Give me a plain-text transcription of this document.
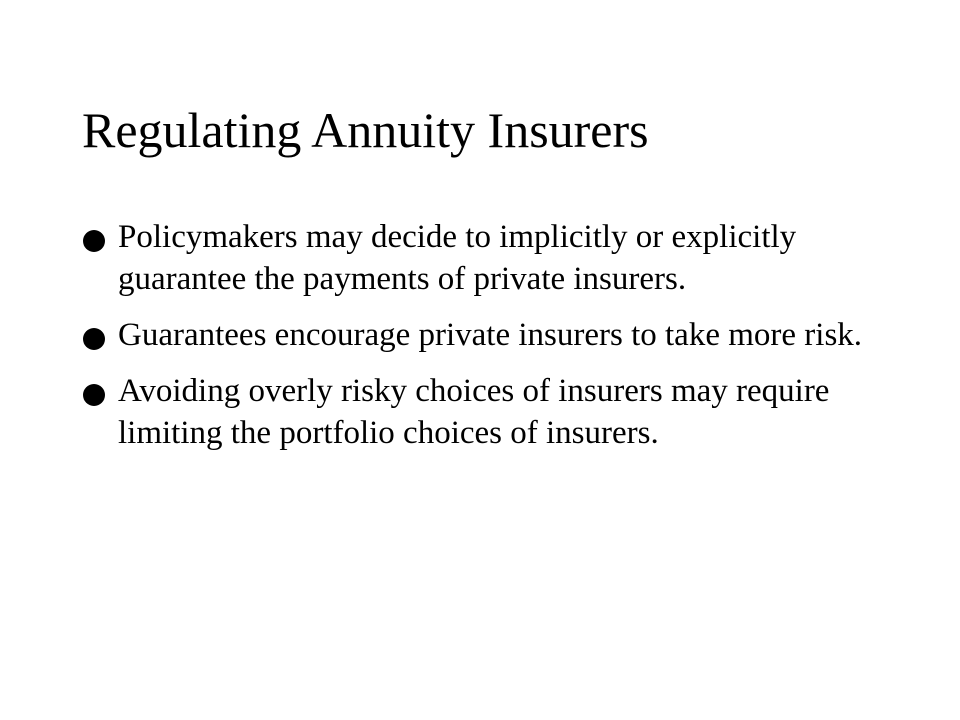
Regulating Annuity Insurers
Policymakers may decide to implicitly or explicitly guarantee the payments of private insurers.
Guarantees encourage private insurers to take more risk.
Avoiding overly risky choices of insurers may require limiting the portfolio choices of insurers.
